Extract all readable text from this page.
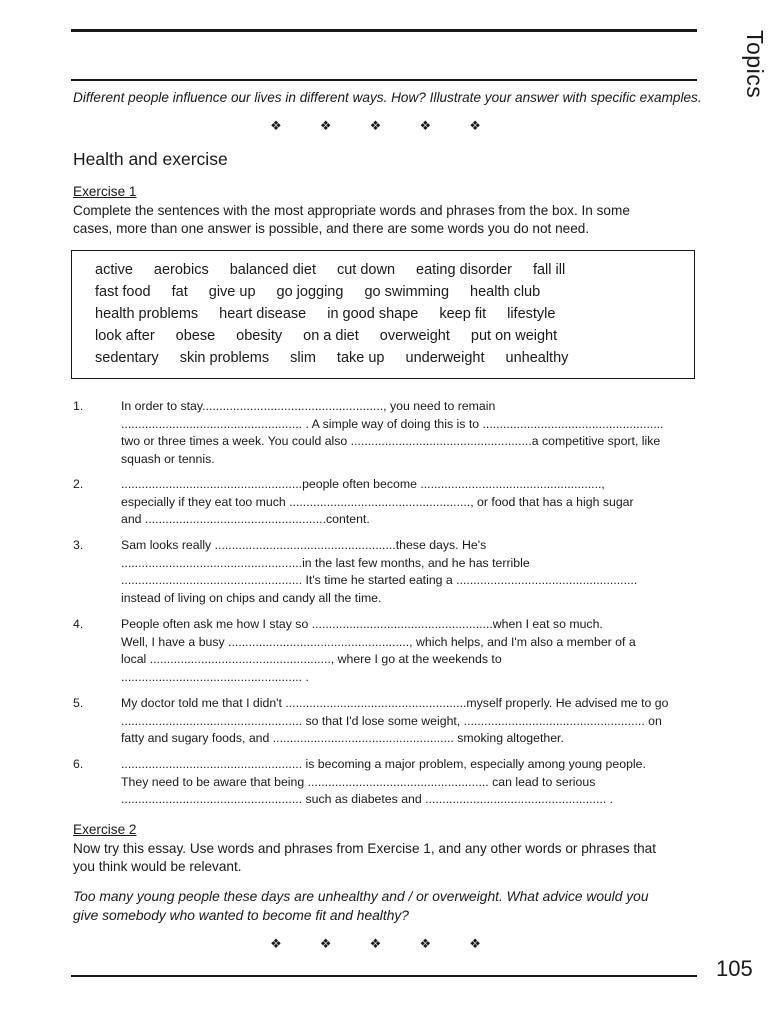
Topics
Different people influence our lives in different ways. How? Illustrate your answer with specific examples.
❖ ❖ ❖ ❖ ❖
Health and exercise
Exercise 1
Complete the sentences with the most appropriate words and phrases from the box. In some
cases, more than one answer is possible, and there are some words you do not need.
active aerobics balanced diet cut down eating disorder fall ill
fast food fat give up go jogging go swimming health club
health problems heart disease in good shape keep fit lifestyle
look after obese obesity on a diet overweight put on weight
sedentary skin problems slim take up underweight unhealthy
1.	In order to stay....................................................., you need to remain
..................................................... . A simple way of doing this is to .....................................................
two or three times a week. You could also .....................................................a competitive sport, like
squash or tennis.
2.	.....................................................people often become .....................................................,
especially if they eat too much ....................................................., or food that has a high sugar
and .....................................................content.
3.	Sam looks really .....................................................these days. He's
.....................................................in the last few months, and he has terrible
..................................................... It's time he started eating a .....................................................
instead of living on chips and candy all the time.
4.	People often ask me how I stay so .....................................................when I eat so much.
Well, I have a busy ....................................................., which helps, and I'm also a member of a
local ....................................................., where I go at the weekends to
..................................................... .
5.	My doctor told me that I didn't .....................................................myself properly. He advised me to go
..................................................... so that I'd lose some weight, ..................................................... on
fatty and sugary foods, and ..................................................... smoking altogether.
6.	..................................................... is becoming a major problem, especially among young people.
They need to be aware that being ..................................................... can lead to serious
..................................................... such as diabetes and ..................................................... .
Exercise 2
Now try this essay. Use words and phrases from Exercise 1, and any other words or phrases that
you think would be relevant.
Too many young people these days are unhealthy and / or overweight. What advice would you
give somebody who wanted to become fit and healthy?
❖ ❖ ❖ ❖ ❖
105
